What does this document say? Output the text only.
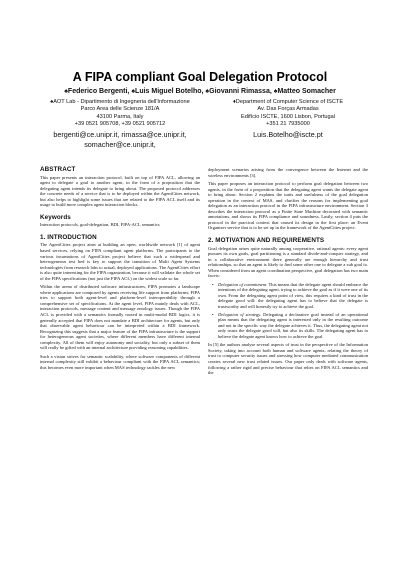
A FIPA compliant Goal Delegation Protocol
♠Federico Bergenti, ♠Luis Miguel Botelho, ♠Giovanni Rimassa, ♠Matteo Somacher
♠AOT Lab - Dipartimento di Ingegneria dell'Informazione
Parco Area delle Scienze 181/A
43100 Parma, Italy
+39 0521 905708, +39 0521 905712
bergenti@ce.unipr.it, rimassa@ce.unipr.it,
somacher@ce.unipr.it,
♦Department of Computer Science of ISCTE
Av. Das Forças Armadas
Edifício ISCTE, 1600 Lisbon, Portugal
+351 21 7935000
Luis.Botelho@iscte.pt
ABSTRACT

This paper presents an interaction protocol, built on top of FIPA ACL, allowing an agent to delegate a goal to another agent, in the form of a proposition that the delegating agent intends its delegate to bring about. The proposed protocol addresses the concrete needs of a service that is to be deployed within the AgentCities network, but also helps to highlight some issues that are related to the FIPA ACL itself and its usage to build more complex agent interaction blocks.

Keywords

Interaction protocols, goal-delegation, BDI, FIPA-ACL semantics

1. INTRODUCTION

The AgentCities project aims at building an open, worldwide network [1] of agent based services, relying on FIPA compliant agent platforms. The participants to the various incarnations of AgentCities project believe that such a widespread and heterogeneous test bed is key to support the transition of Multi Agent Systems technologies from research labs to actual, deployed applications. The AgentCities effort is also quite interesting for the FIPA organization, because it will validate the whole set of the FIPA specifications (not just the FIPA ACL) on the widest scale so far.

Within the arena of distributed software infrastructures, FIPA promotes a landscape where applications are composed by agents receiving life support from platforms; FIPA tries to support both agent-level and platform-level interoperability through a comprehensive set of specifications. At the agent level, FIPA mainly deals with ACL, interaction protocols, message content and message ontology issues. Though the FIPA ACL is provided with a semantics formally rooted in multi-modal BDI logics, it is generally accepted that FIPA does not mandate a BDI architecture for agents, but only that observable agent behaviour can be interpreted within a BDI framework. Recognizing this suggests that a major feature of the FIPA infrastructure is the support for heterogeneous agent societies, where different members have different internal complexity. All of them will enjoy autonomy and sociality, but only a subset of them will really be gifted with an internal architecture providing reasoning capabilities.

Such a vision strives for semantic scalability, where software components of different internal complexity still exhibit a behaviour compliant with the FIPA ACL semantics; this becomes even more important when MAS technology tackles the new

deployment scenarios arising from the convergence between the Internet and the wireless environments [3].

This paper proposes an interaction protocol to perform goal delegation between two agents, in the form of a proposition that the delegating agent wants the delegate agent to bring about. Section 2 explains the traits and usefulness of the goal delegation operation in the context of MAS, and clarifies the reasons for implementing goal delegation as an interaction protocol in the FIPA infrastructure environment. Section 3 describes the interaction protocol as a Finite State Machine decorated with semantic annotations, and shows its FIPA compliance and soundness. Lastly, section 4 puts the protocol in the practical context that caused its design in the first place: an Event Organizer service that is to be set up in the framework of the AgentCities project.

2. MOTIVATION AND REQUIREMENTS

Goal delegation arises quite naturally among cooperative, rational agents: every agent pursues its own goals, goal partitioning is a standard divide-and-conquer strategy, and in a collaborative environment there generally are enough hierarchy and trust relationships, so that an agent is likely to find some other one to delegate a sub goal to. When considered from an agent coordination perspective, goal delegation has two main facets:

• Delegation of commitment. This means that the delegate agent should embrace the intentions of the delegating agent, trying to achieve the goal as if it were one of its own. From the delegating agent point of view, this requires a kind of trust in the delegate good will: the delegating agent has to believe that the delegate is trustworthy and will honestly try to achieve the goal.
• Delegation of strategy. Delegating a declarative goal instead of an operational plan means that the delegating agent is interested only in the resulting outcome and not in the specific way the delegate achieves it. Thus, the delegating agent not only trusts the delegate good will, but also its skills. The delegating agent has to believe the delegate agent knows how to achieve the goal.

In [5] the authors analyse several aspects of trust in the perspective of the Information Society, taking into account both human and software agents, relating the theory of trust to computer security issues and stressing how computer mediated communication creates several new trust related issues. Our paper only deals with software agents, following a rather rigid and precise behaviour that relies on FIPA ACL semantics and the
